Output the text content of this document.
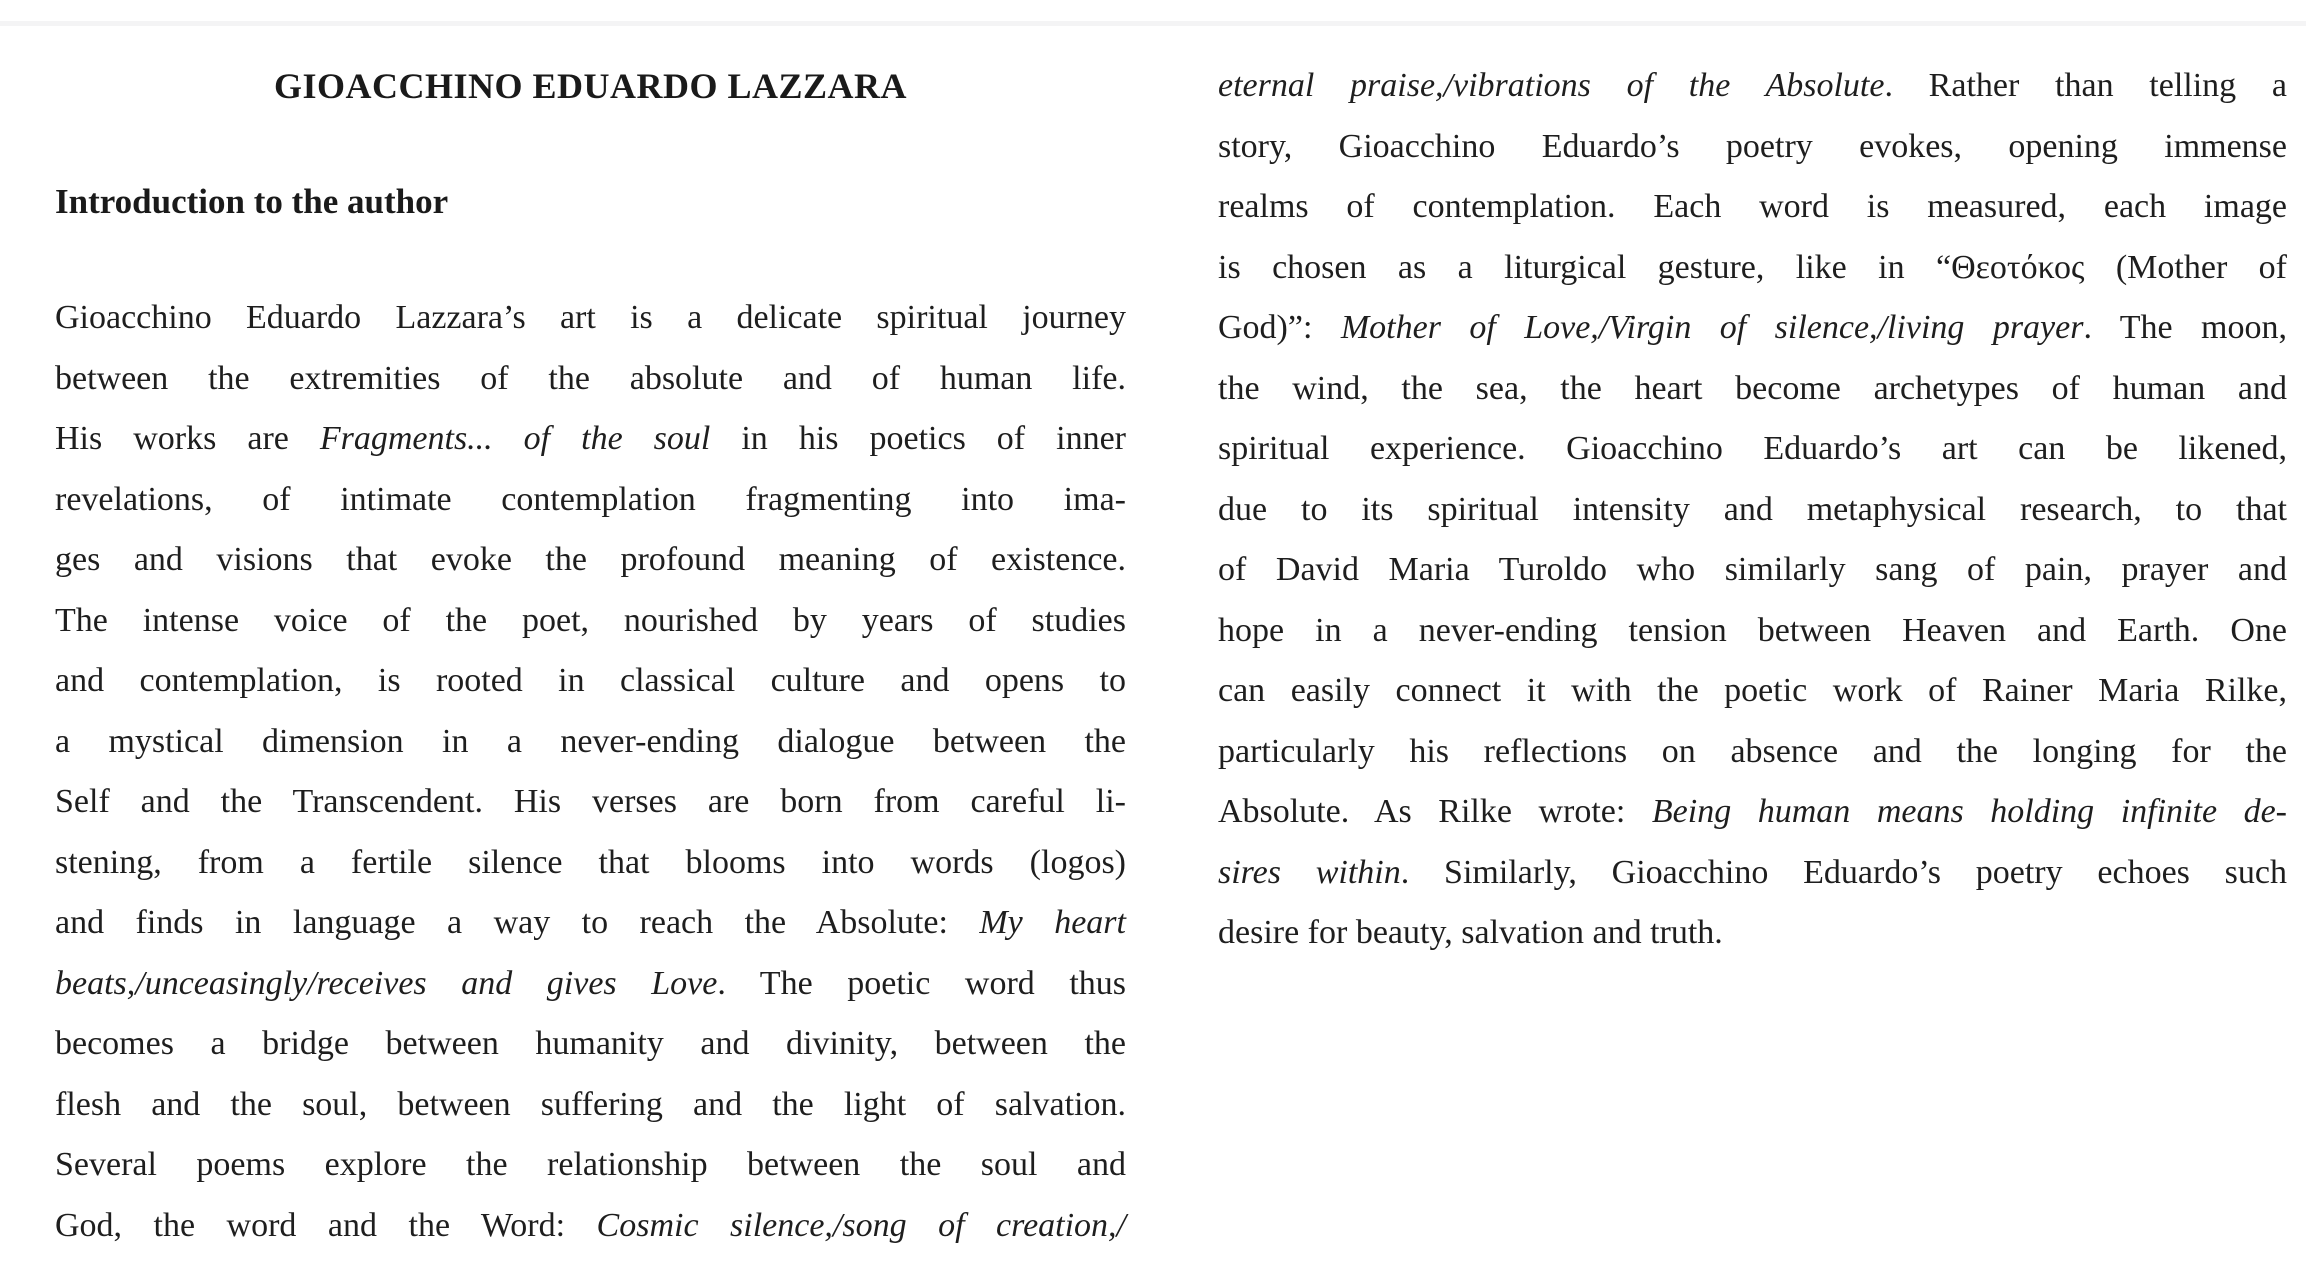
GIOACCHINO EDUARDO LAZZARA
Introduction to the author
Gioacchino Eduardo Lazzara’s art is a delicate spiritual journey
between the extremities of the absolute and of human life.
His works are Fragments... of the soul in his poetics of inner
revelations, of intimate contemplation fragmenting into ima-
ges and visions that evoke the profound meaning of existence.
The intense voice of the poet, nourished by years of studies
and contemplation, is rooted in classical culture and opens to
a mystical dimension in a never-ending dialogue between the
Self and the Transcendent. His verses are born from careful li-
stening, from a fertile silence that blooms into words (logos)
and finds in language a way to reach the Absolute: My heart
beats,/unceasingly/receives and gives Love. The poetic word thus
becomes a bridge between humanity and divinity, between the
flesh and the soul, between suffering and the light of salvation.
Several poems explore the relationship between the soul and
God, the word and the Word: Cosmic silence,/song of creation,/
eternal praise,/vibrations of the Absolute. Rather than telling a
story, Gioacchino Eduardo’s poetry evokes, opening immense
realms of contemplation. Each word is measured, each image
is chosen as a liturgical gesture, like in “Θεοτόκος (Mother of
God)”: Mother of Love,/Virgin of silence,/living prayer. The moon,
the wind, the sea, the heart become archetypes of human and
spiritual experience. Gioacchino Eduardo’s art can be likened,
due to its spiritual intensity and metaphysical research, to that
of David Maria Turoldo who similarly sang of pain, prayer and
hope in a never-ending tension between Heaven and Earth. One
can easily connect it with the poetic work of Rainer Maria Rilke,
particularly his reflections on absence and the longing for the
Absolute. As Rilke wrote: Being human means holding infinite de-
sires within. Similarly, Gioacchino Eduardo’s poetry echoes such
desire for beauty, salvation and truth.
